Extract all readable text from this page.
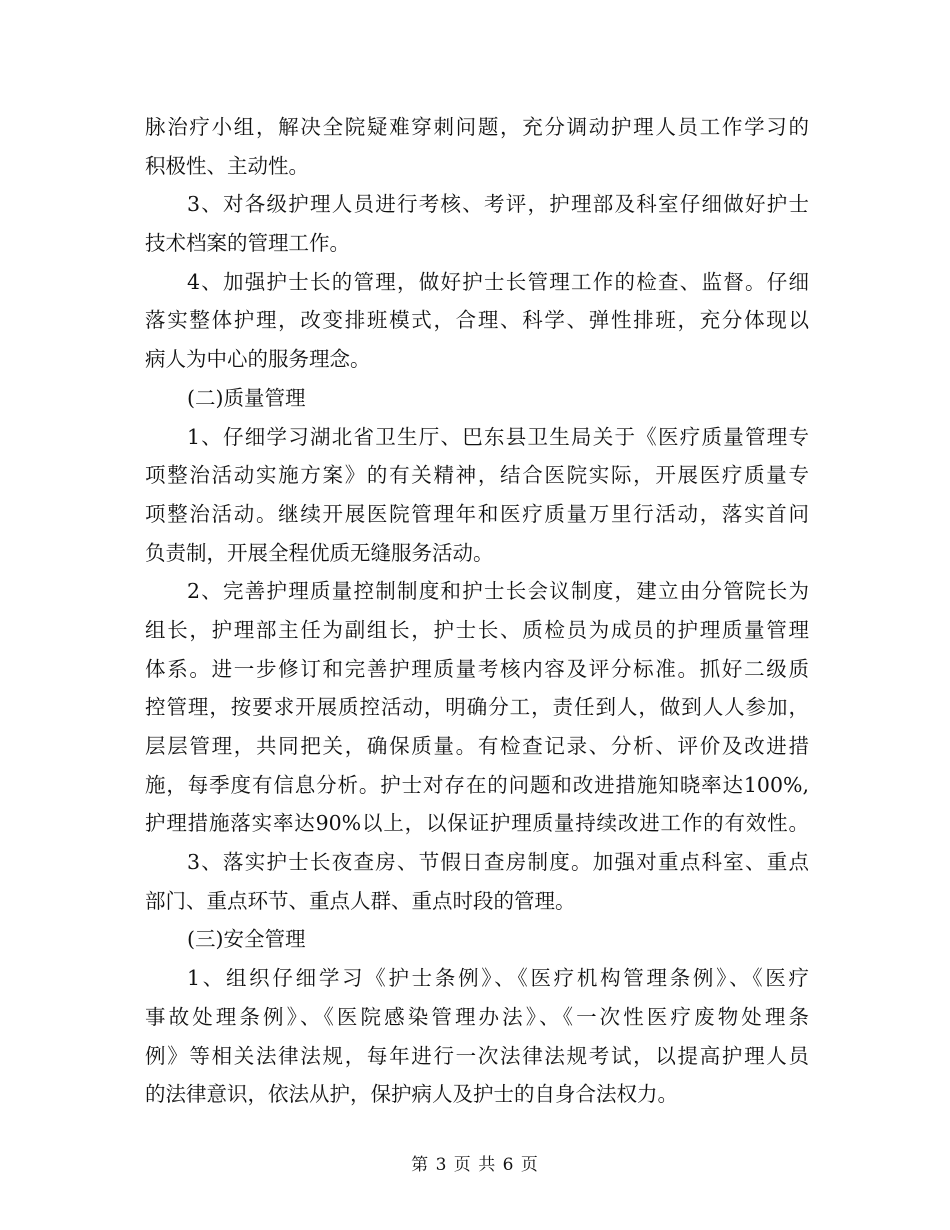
脉治疗小组，解决全院疑难穿刺问题，充分调动护理人员工作学习的
积极性、主动性。
3、对各级护理人员进行考核、考评，护理部及科室仔细做好护士
技术档案的管理工作。
4、加强护士长的管理，做好护士长管理工作的检查、监督。仔细
落实整体护理，改变排班模式，合理、科学、弹性排班，充分体现以
病人为中心的服务理念。
(二)质量管理
1、仔细学习湖北省卫生厅、巴东县卫生局关于《医疗质量管理专
项整治活动实施方案》的有关精神，结合医院实际，开展医疗质量专
项整治活动。继续开展医院管理年和医疗质量万里行活动，落实首问
负责制，开展全程优质无缝服务活动。
2、完善护理质量控制制度和护士长会议制度，建立由分管院长为
组长，护理部主任为副组长，护士长、质检员为成员的护理质量管理
体系。进一步修订和完善护理质量考核内容及评分标准。抓好二级质
控管理，按要求开展质控活动，明确分工，责任到人，做到人人参加，
层层管理，共同把关，确保质量。有检查记录、分析、评价及改进措
施，每季度有信息分析。护士对存在的问题和改进措施知晓率达100%,
护理措施落实率达90%以上，以保证护理质量持续改进工作的有效性。
3、落实护士长夜查房、节假日查房制度。加强对重点科室、重点
部门、重点环节、重点人群、重点时段的管理。
(三)安全管理
1、组织仔细学习《护士条例》、《医疗机构管理条例》、《医疗
事故处理条例》、《医院感染管理办法》、《一次性医疗废物处理条
例》等相关法律法规，每年进行一次法律法规考试，以提高护理人员
的法律意识，依法从护，保护病人及护士的自身合法权力。
第 3 页 共 6 页
